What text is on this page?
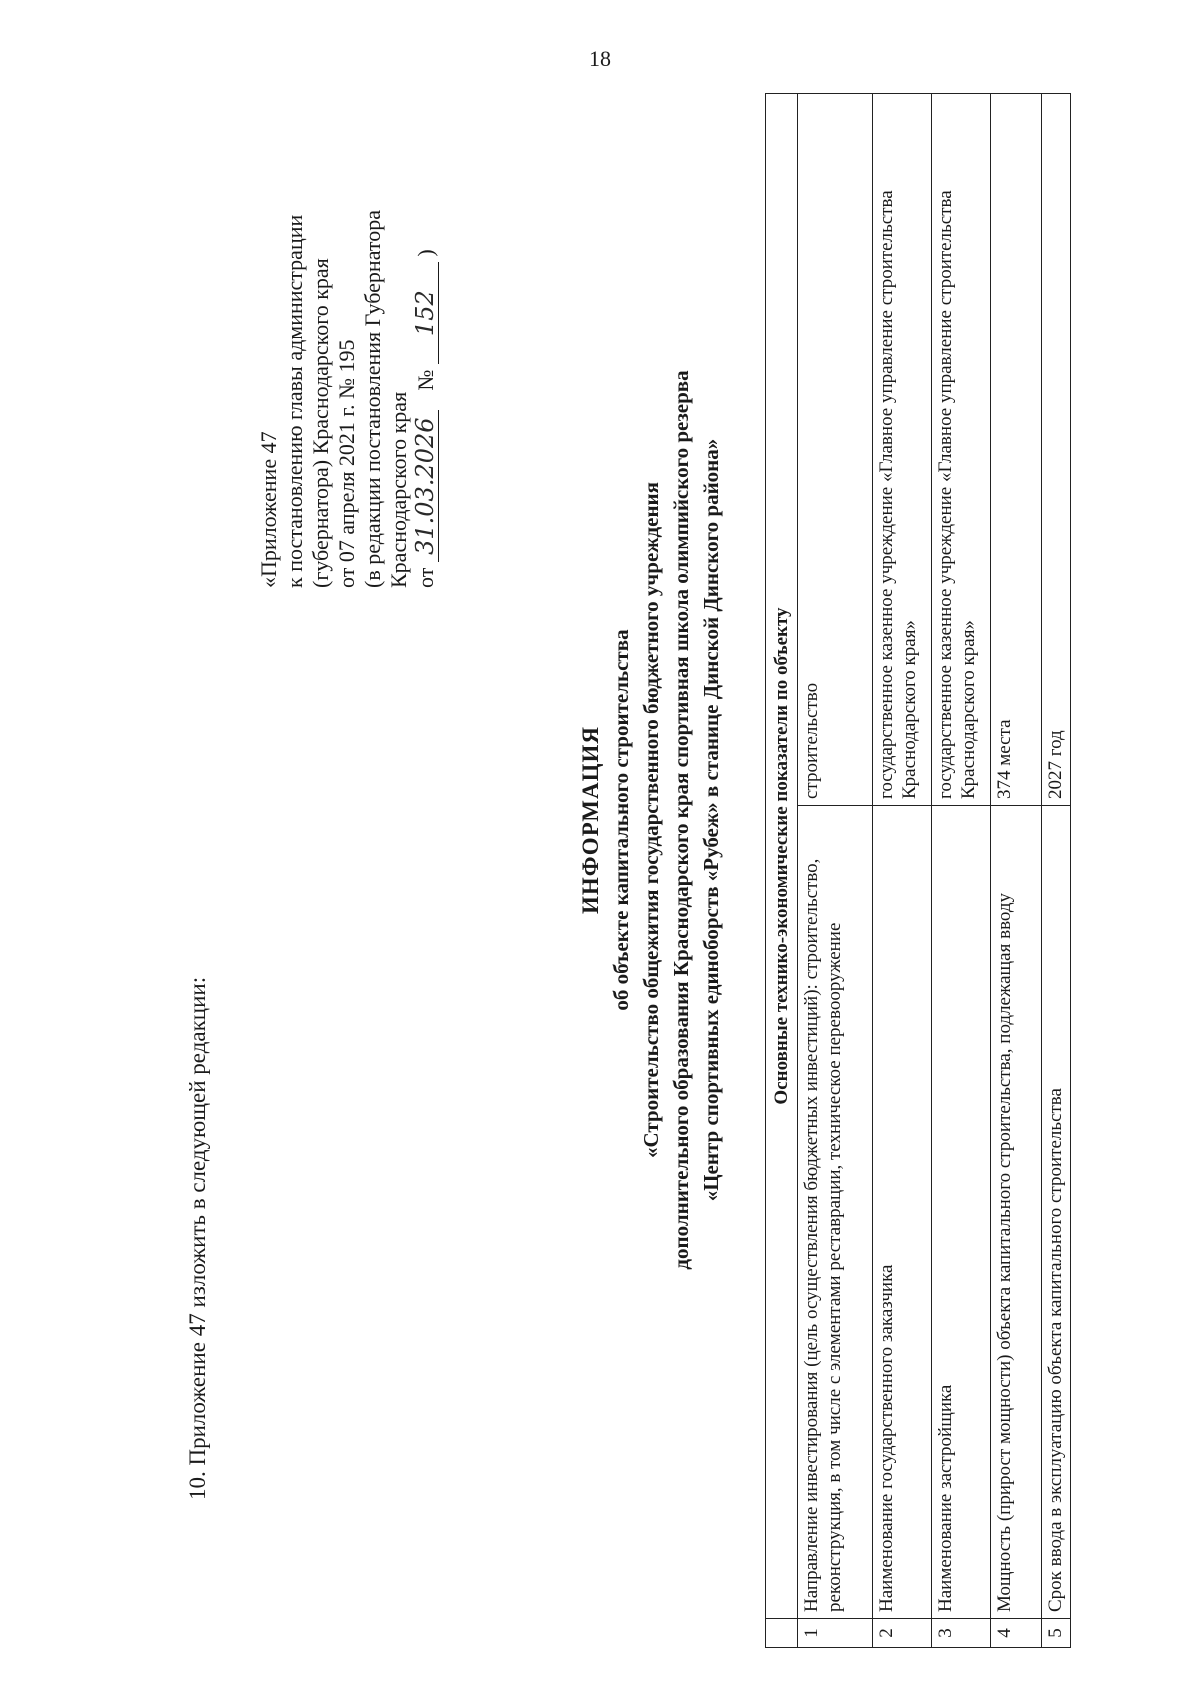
18
10. Приложение 47 изложить в следующей редакции:
«Приложение 47 к постановлению главы администрации (губернатора) Краснодарского края от 07 апреля 2021 г. № 195 (в редакции постановления Губернатора Краснодарского края от 31.03.2026 № 152 )
ИНФОРМАЦИЯ об объекте капитального строительства «Строительство общежития государственного бюджетного учреждения дополнительного образования Краснодарского края спортивная школа олимпийского резерва «Центр спортивных единоборств «Рубеж» в станице Динской Динского района»
		Основные технико-экономические показатели по объекту	
1	Направление инвестирования (цель осуществления бюджетных инвестиций): строительство, реконструкция, в том числе с элементами реставрации, техническое перевооружение	строительство
2	Наименование государственного заказчика	государственное казенное учреждение «Главное управление строительства Краснодарского края»
3	Наименование застройщика	государственное казенное учреждение «Главное управление строительства Краснодарского края»
4	Мощность (прирост мощности) объекта капитального строительства, подлежащая вводу	374 места
5	Срок ввода в эксплуатацию объекта капитального строительства	2027 год
